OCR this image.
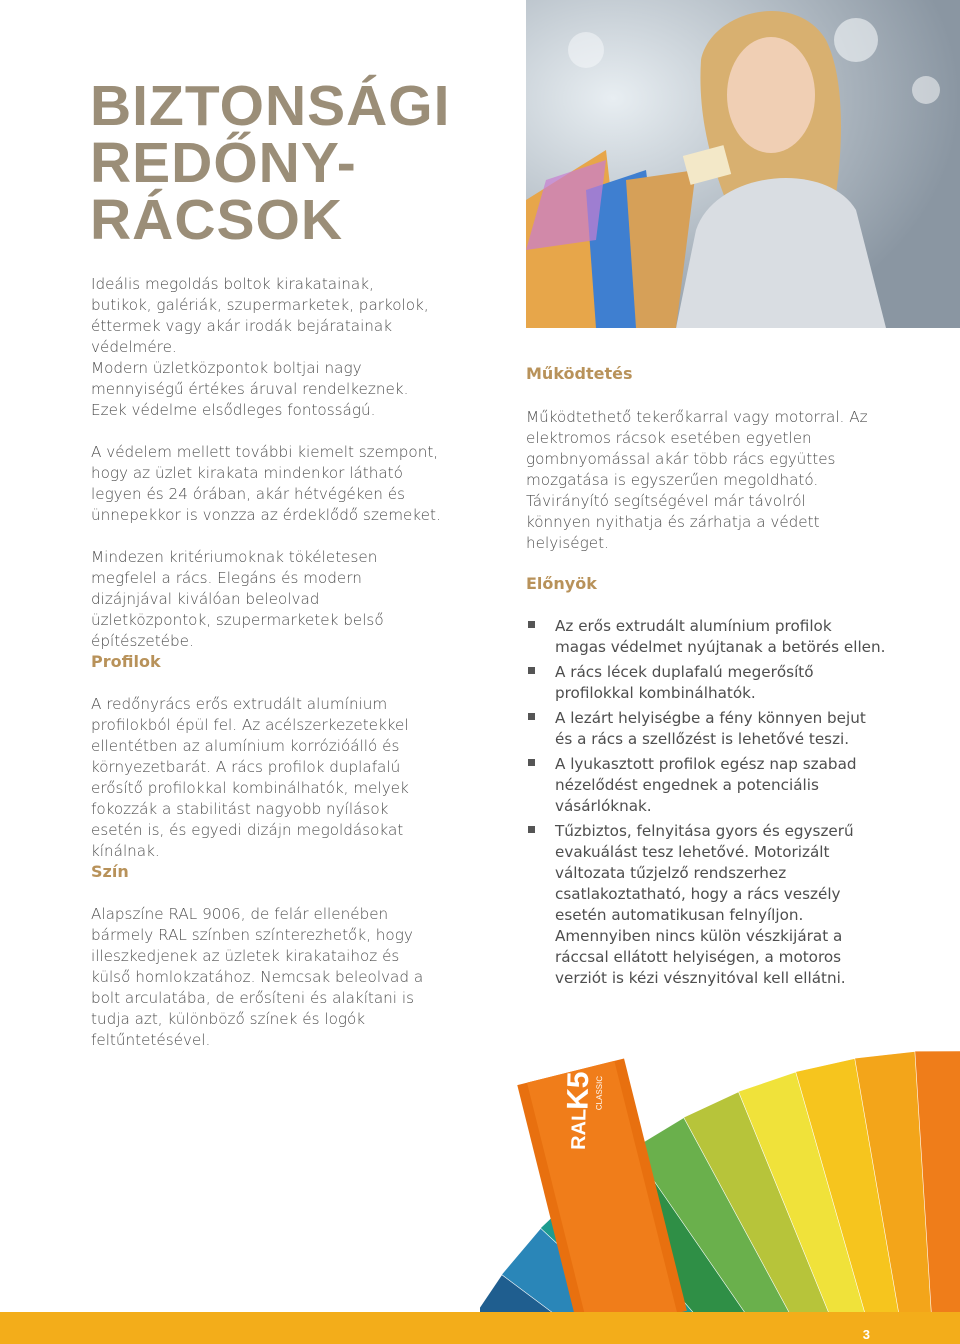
BIZTONSÁGI
REDŐNY-
RÁCSOK

Ideális megoldás boltok kirakatainak, butikok, galériák, szupermarketek, parkolok, éttermek vagy akár irodák bejáratainak védelmére.

Modern üzletközpontok boltjai nagy mennyiségű értékes áruval rendelkeznek. Ezek védelme elsődleges fontosságú.

A védelem mellett további kiemelt szempont, hogy az üzlet kirakata mindenkor látható legyen és 24 órában, akár hétvégéken és ünnepekkor is vonzza az érdeklődő szemeket.

Mindezen kritériumoknak tökéletesen megfelel a rács. Elegáns és modern dizájnjával kiválóan beleolvad üzletközpontok, szupermarketek belső építészetébe.

Profilok

A redőnyrács erős extrudált alumínium profilokból épül fel. Az acélszerkezetekkel ellentétben az alumínium korrózióálló és környezetbarát. A rács profilok duplafalú erősítő profilokkal kombinálhatók, melyek fokozzák a stabilitást nagyobb nyílások esetén is, és egyedi dizájn megoldásokat kínálnak.

Szín

Alapszíne RAL 9006, de felár ellenében bármely RAL színben színterezhetők, hogy illeszkedjenek az üzletek kirakataihoz és külső homlokzatához. Nemcsak beleolvad a bolt arculatába, de erősíteni és alakítani is tudja azt, különböző színek és logók feltűntetésével.

Működtetés

Működtethető tekerőkarral vagy motorral. Az elektromos rácsok esetében egyetlen gombnyomással akár több rács együttes mozgatása is egyszerűen megoldható. Távirányító segítségével már távolról könnyen nyithatja és zárhatja a védett helyiséget.

Előnyök
Az erős extrudált alumínium profilok magas védelmet nyújtanak a betörés ellen.
A rács lécek duplafalú megerősítő profilokkal kombinálhatók.
A lezárt helyiségbe a fény könnyen bejut és a rács a szellőzést is lehetővé teszi.
A lyukasztott profilok egész nap szabad nézelődést engednek a potenciális vásárlóknak.
Tűzbiztos, felnyitása gyors és egyszerű evakuálást tesz lehetővé. Motorizált változata tűzjelző rendszerhez csatlakoztatható, hogy a rács veszély esetén automatikusan felnyíljon. Amennyiben nincs külön vészkijárat a ráccsal ellátott helyiségen, a motoros verziót is kézi vésznyitóval kell ellátni.
RAL
K5 CLASSIC
3
